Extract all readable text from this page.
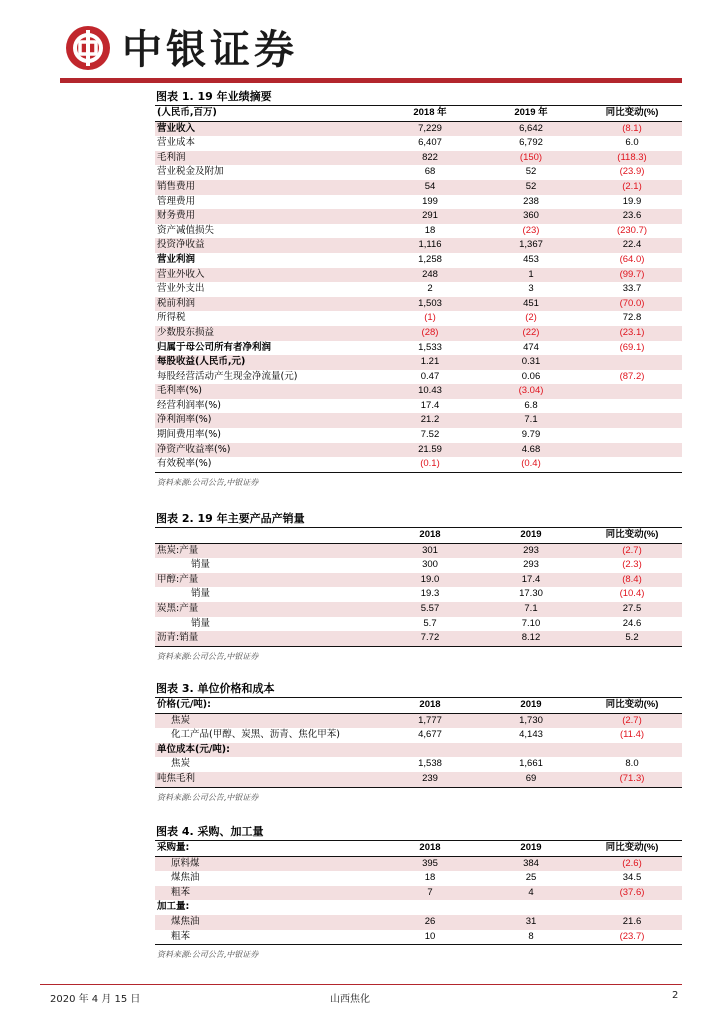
中银证券
图表 1. 19 年业绩摘要
(人民币,百万)	2018 年	2019 年	同比变动(%)
营业收入	7,229	6,642	(8.1)
营业成本	6,407	6,792	6.0
毛利润	822	(150)	(118.3)
营业税金及附加	68	52	(23.9)
销售费用	54	52	(2.1)
管理费用	199	238	19.9
财务费用	291	360	23.6
资产减值损失	18	(23)	(230.7)
投资净收益	1,116	1,367	22.4
营业利润	1,258	453	(64.0)
营业外收入	248	1	(99.7)
营业外支出	2	3	33.7
税前利润	1,503	451	(70.0)
所得税	(1)	(2)	72.8
少数股东损益	(28)	(22)	(23.1)
归属于母公司所有者净利润	1,533	474	(69.1)
每股收益(人民币,元)	1.21	0.31	
每股经营活动产生现金净流量(元)	0.47	0.06	(87.2)
毛利率(%)	10.43	(3.04)	
经营利润率(%)	17.4	6.8	
净利润率(%)	21.2	7.1	
期间费用率(%)	7.52	9.79	
净资产收益率(%)	21.59	4.68	
有效税率(%)	(0.1)	(0.4)	
资料来源:公司公告,中银证券
图表 2. 19 年主要产品产销量
	2018	2019	同比变动(%)
焦炭:产量	301	293	(2.7)
销量	300	293	(2.3)
甲醇:产量	19.0	17.4	(8.4)
销量	19.3	17.30	(10.4)
炭黑:产量	5.57	7.1	27.5
销量	5.7	7.10	24.6
沥青:销量	7.72	8.12	5.2
资料来源:公司公告,中银证券
图表 3. 单位价格和成本
价格(元/吨):	2018	2019	同比变动(%)
焦炭	1,777	1,730	(2.7)
化工产品(甲醇、炭黑、沥青、焦化甲苯)	4,677	4,143	(11.4)
单位成本(元/吨):			
焦炭	1,538	1,661	8.0
吨焦毛利	239	69	(71.3)
资料来源:公司公告,中银证券
图表 4. 采购、加工量
采购量:	2018	2019	同比变动(%)
原料煤	395	384	(2.6)
煤焦油	18	25	34.5
粗苯	7	4	(37.6)
加工量:			
煤焦油	26	31	21.6
粗苯	10	8	(23.7)
资料来源:公司公告,中银证券
2020 年 4 月 15 日	山西焦化	2
